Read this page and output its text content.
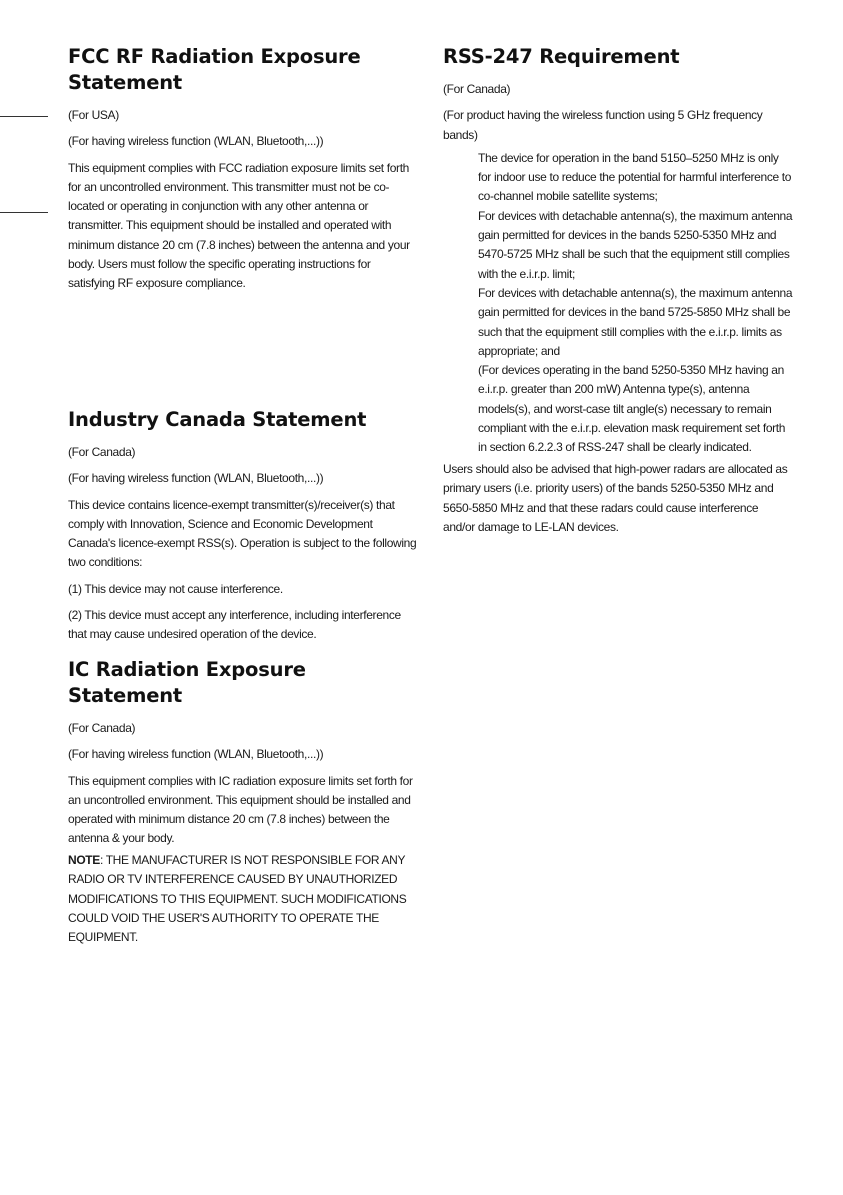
FCC RF Radiation Exposure
Statement

(For USA)

(For having wireless function (WLAN, Bluetooth,...))

This equipment complies with FCC radiation exposure limits set forth for an uncontrolled environment. This transmitter must not be co-located or operating in conjunction with any other antenna or transmitter. This equipment should be installed and operated with minimum distance 20 cm (7.8 inches) between the antenna and your body. Users must follow the specific operating instructions for satisfying RF exposure compliance.

Industry Canada Statement

(For Canada)

(For having wireless function (WLAN, Bluetooth,...))

This device contains licence-exempt transmitter(s)/receiver(s) that comply with Innovation, Science and Economic Development Canada's licence-exempt RSS(s). Operation is subject to the following two conditions:

(1) This device may not cause interference.

(2) This device must accept any interference, including interference that may cause undesired operation of the device.

IC Radiation Exposure Statement

(For Canada)

(For having wireless function (WLAN, Bluetooth,...))

This equipment complies with IC radiation exposure limits set forth for an uncontrolled environment. This equipment should be installed and operated with minimum distance 20 cm (7.8 inches) between the antenna & your body.

NOTE: THE MANUFACTURER IS NOT RESPONSIBLE FOR ANY RADIO OR TV INTERFERENCE CAUSED BY UNAUTHORIZED MODIFICATIONS TO THIS EQUIPMENT. SUCH MODIFICATIONS COULD VOID THE USER'S AUTHORITY TO OPERATE THE EQUIPMENT.

RSS-247 Requirement

(For Canada)

(For product having the wireless function using 5 GHz frequency bands)

The device for operation in the band 5150–5250 MHz is only for indoor use to reduce the potential for harmful interference to co-channel mobile satellite systems;

For devices with detachable antenna(s), the maximum antenna gain permitted for devices in the bands 5250-5350 MHz and 5470-5725 MHz shall be such that the equipment still complies with the e.i.r.p. limit;

For devices with detachable antenna(s), the maximum antenna gain permitted for devices in the band 5725-5850 MHz shall be such that the equipment still complies with the e.i.r.p. limits as appropriate; and

(For devices operating in the band 5250-5350 MHz having an e.i.r.p. greater than 200 mW) Antenna type(s), antenna models(s), and worst-case tilt angle(s) necessary to remain compliant with the e.i.r.p. elevation mask requirement set forth in section 6.2.2.3 of RSS-247 shall be clearly indicated.

Users should also be advised that high-power radars are allocated as primary users (i.e. priority users) of the bands 5250-5350 MHz and 5650-5850 MHz and that these radars could cause interference and/or damage to LE-LAN devices.
